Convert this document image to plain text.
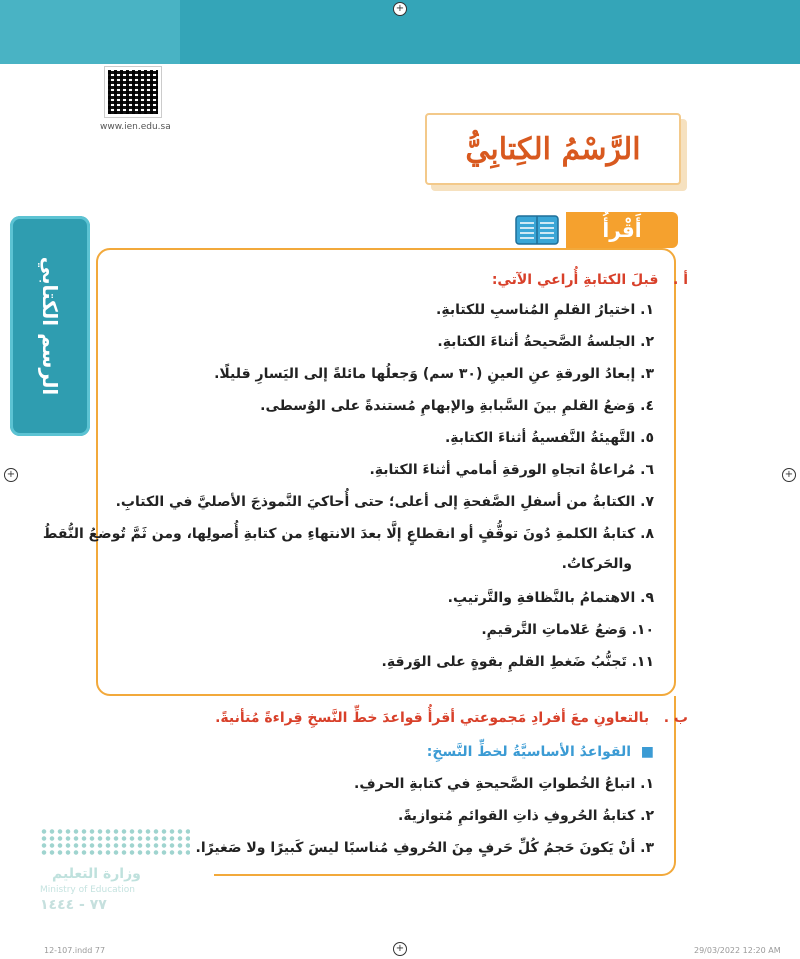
+
+	+
+
www.ien.edu.sa
الرَّسْمُ الكِتابِيُّ
الرسم الكتابي
أَقْرأُ
أ .   قبلَ الكتابةِ أُراعي الآتي:
١. اختيارُ القلمِ المُناسبِ للكتابةِ.
٢. الجلسةُ الصَّحيحةُ أثناءَ الكتابةِ.
٣. إبعادُ الورقةِ عنِ العينِ (٣٠ سم) وَجعلُها مائلةً إلى اليَسارِ قليلًا.
٤. وَضعُ القلمِ بينَ السَّبابةِ والإبهامِ مُستندةً على الوُسطى.
٥. التَّهيئةُ النَّفسيةُ أثناءَ الكتابةِ.
٦. مُراعاةُ اتجاهِ الورقةِ أمامي أثناءَ الكتابةِ.
٧. الكتابةُ من أسفلِ الصَّفحةِ إلى أعلى؛ حتى أُحاكيَ النَّموذجَ الأصليَّ في الكتابِ.
٨. كتابةُ الكلمةِ دُونَ توقُّفٍ أو انقطاعٍ إلَّا بعدَ الانتهاءِ من كتابةِ أُصولِها، ومن ثَمَّ تُوضعُ النُّقطُ
والحَركاتُ.
٩. الاهتمامُ بالنَّظافةِ والتَّرتيبِ.
١٠. وَضعُ عَلاماتِ التَّرقيمِ.
١١. تَجنُّبُ ضَغطِ القلمِ بقوةٍ على الوَرقةِ.
ب .   بالتعاونِ معَ أفرادِ مَجموعتي أقرأُ قواعدَ خطِّ النَّسخِ قِراءةً مُتأنيةً.
■  القواعدُ الأساسيَّةُ لخطِّ النَّسخِ:
١. اتباعُ الخُطواتِ الصَّحيحةِ في كتابةِ الحرفِ.
٢. كتابةُ الحُروفِ ذاتِ القوائمِ مُتوازيةً.
٣. أنْ يَكونَ حَجمُ كُلِّ حَرفٍ مِنَ الحُروفِ مُناسبًا ليسَ كَبيرًا ولا صَغيرًا.
وزارة التعليم
Ministry of Education
٧٧ - ١٤٤٤
12-107.indd 77	29/03/2022 12:20 AM
